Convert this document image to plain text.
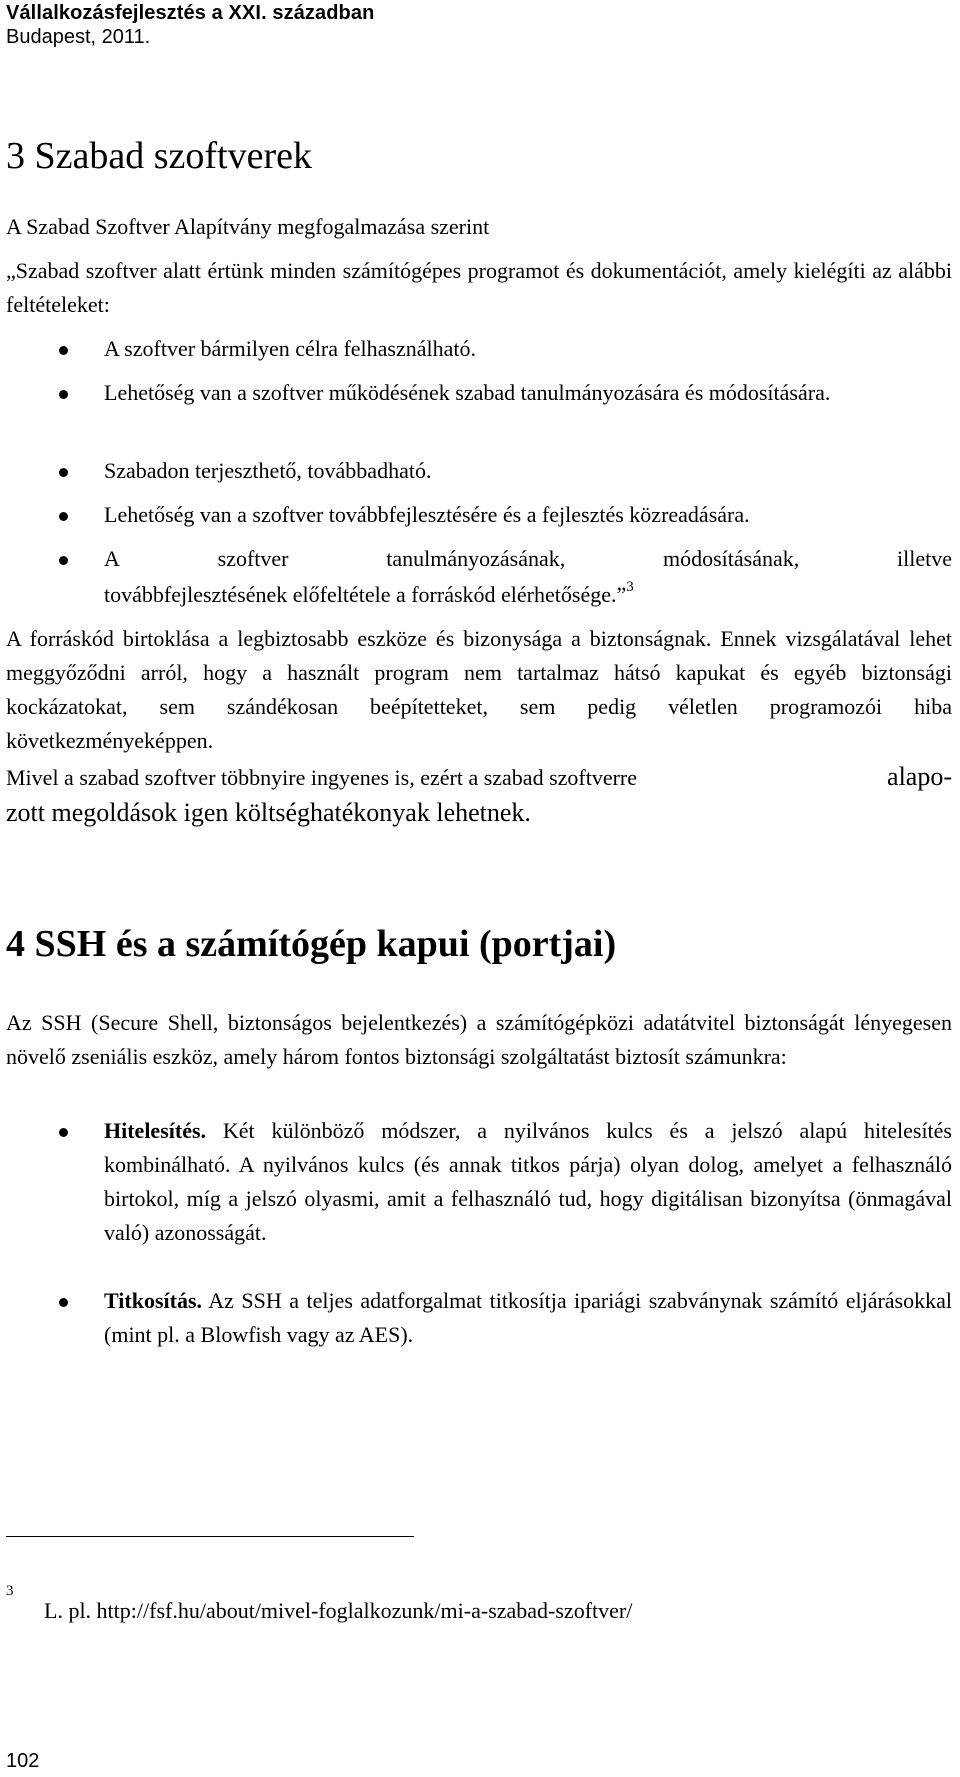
Vállalkozásfejlesztés a XXI. században
Budapest, 2011.
3 Szabad szoftverek
A Szabad Szoftver Alapítvány megfogalmazása szerint
„Szabad szoftver alatt értünk minden számítógépes programot és dokumentációt, amely kielégíti az alábbi feltételeket:
A szoftver bármilyen célra felhasználható.
Lehetőség van a szoftver működésének szabad tanulmányozására és módosítására.
Szabadon terjeszthető, továbbadható.
Lehetőség van a szoftver továbbfejlesztésére és a fejlesztés közreadására.
A	szoftver	tanulmányozásának,	módosításának,	illetve
továbbfejlesztésének előfeltétele a forráskód elérhetősége.”$^3$
A forráskód birtoklása a legbiztosabb eszköze és bizonysága a biztonságnak. Ennek vizsgálatával lehet meggyőződni arról, hogy a használt program nem tartalmaz hátsó kapukat és egyéb biztonsági kockázatokat, sem szándékosan beépítetteket, sem pedig véletlen programozói hiba következményeképpen.
Mivel a szabad szoftver többnyire ingyenes is, ezért a szabad szoftverre	alapo-
zott megoldások igen költséghatékonyak lehetnek.
4 SSH és a számítógép kapui (portjai)
Az SSH (Secure Shell, biztonságos bejelentkezés) a számítógépközi adatátvitel biztonságát lényegesen növelő zseniális eszköz, amely három fontos biztonsági szolgáltatást biztosít számunkra:
Hitelesítés. Két különböző módszer, a nyilvános kulcs és a jelszó alapú hitelesítés kombinálható. A nyilvános kulcs (és annak titkos párja) olyan dolog, amelyet a felhasználó birtokol, míg a jelszó olyasmi, amit a felhasználó tud, hogy digitálisan bizonyítsa (önmagával való) azonosságát.
Titkosítás. Az SSH a teljes adatforgalmat titkosítja ipariági szabványnak számító eljárásokkal (mint pl. a Blowfish vagy az AES).
3
L. pl. http://fsf.hu/about/mivel-foglalkozunk/mi-a-szabad-szoftver/
102
